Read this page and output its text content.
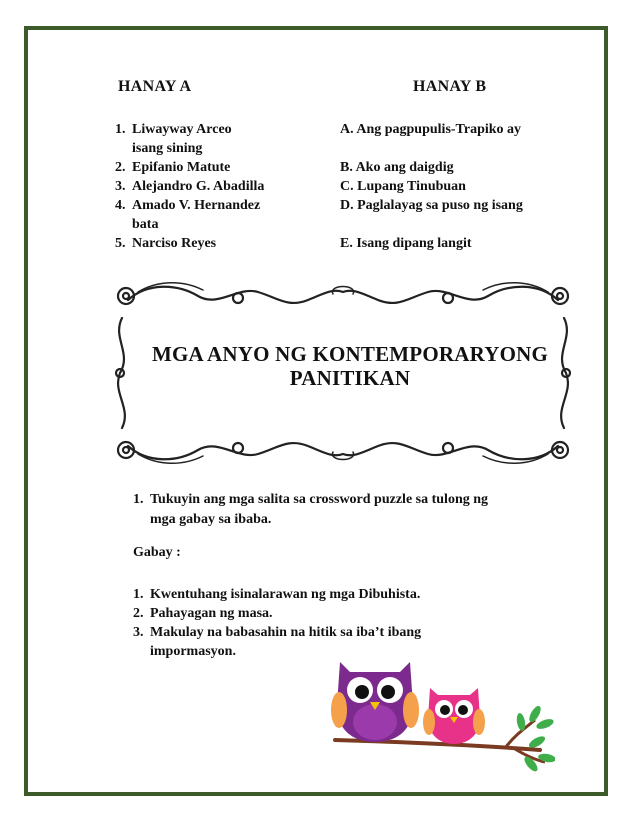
HANAY A	HANAY B
1. Liwayway Arceo
isang sining
2. Epifanio Matute
3. Alejandro G. Abadilla
4. Amado V. Hernandez
bata
5. Narciso Reyes
A. Ang pagpupulis-Trapiko ay
B. Ako ang daigdig
C. Lupang Tinubuan
D. Paglalayag sa puso ng isang
E. Isang dipang langit
MGA ANYO NG KONTEMPORARYONG
PANITIKAN
1. Tukuyin ang mga salita sa crossword puzzle sa tulong ng
mga gabay sa ibaba.
Gabay :
1. Kwentuhang isinalarawan ng mga Dibuhista.
2. Pahayagan ng masa.
3. Makulay na babasahin na hitik sa iba’t ibang
impormasyon.
